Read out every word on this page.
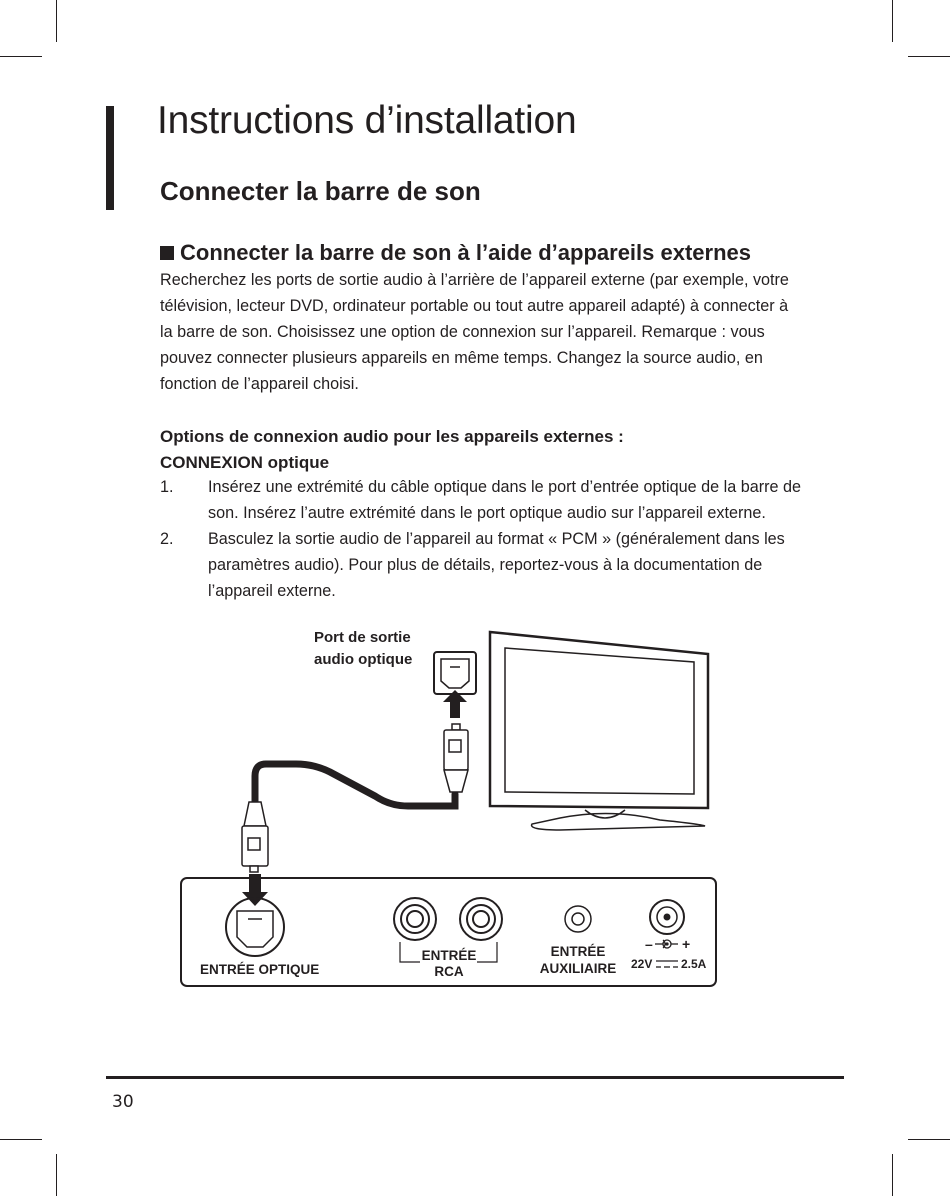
Instructions d’installation
Connecter la barre de son
Connecter la barre de son à l’aide d’appareils externes

Recherchez les ports de sortie audio à l’arrière de l’appareil externe (par exemple, votre télévision, lecteur DVD, ordinateur portable ou tout autre appareil adapté) à connecter à la barre de son. Choisissez une option de connexion sur l’appareil. Remarque : vous pouvez connecter plusieurs appareils en même temps. Changez la source audio, en fonction de l’appareil choisi.

Options de connexion audio pour les appareils externes :
CONNEXION optique
1.	Insérez une extrémité du câble optique dans le port d’entrée optique de la barre de son. Insérez l’autre extrémité dans le port optique audio sur l’appareil externe.
2.	Basculez la sortie audio de l’appareil au format « PCM » (généralement dans les paramètres audio). Pour plus de détails, reportez-vous à la documentation de l’appareil externe.
Port de sortie
audio optique
ENTRÉE OPTIQUE
ENTRÉE
RCA
ENTRÉE
AUXILIAIRE
– +
22V 2.5A

30
